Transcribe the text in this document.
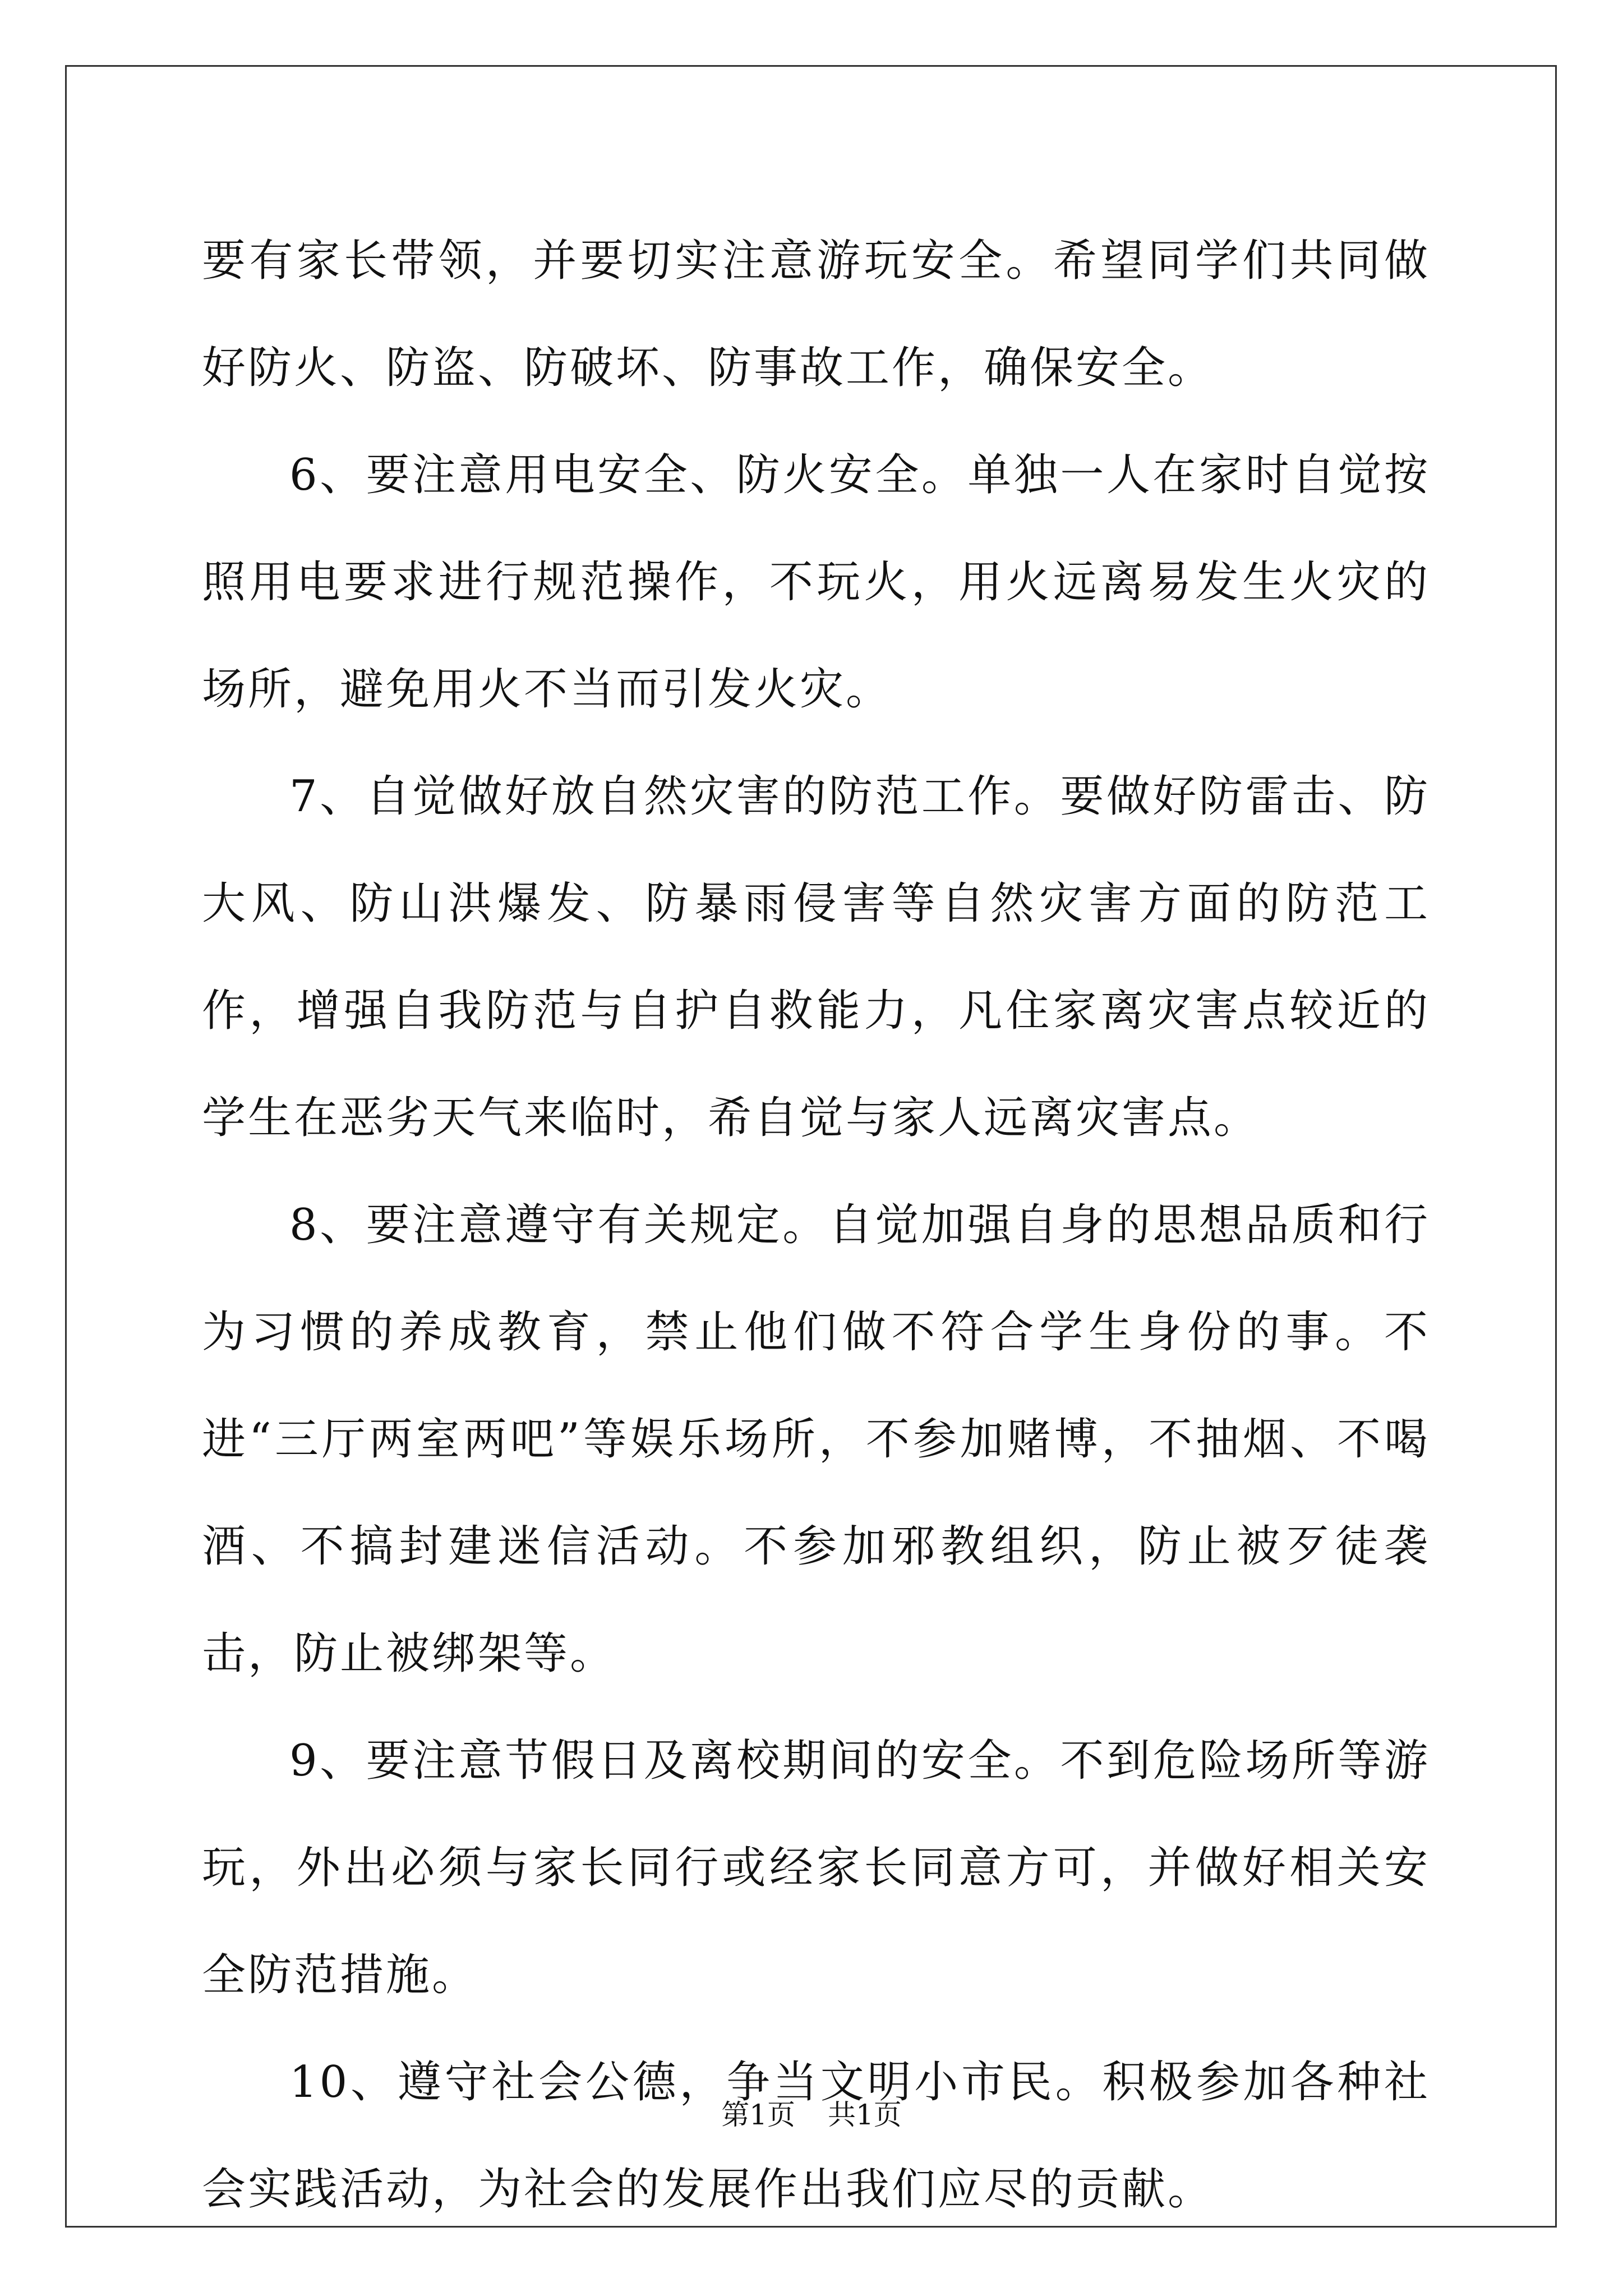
要有家长带领，并要切实注意游玩安全。希望同学们共同做好防火、防盗、防破坏、防事故工作，确保安全。

6、要注意用电安全、防火安全。单独一人在家时自觉按照用电要求进行规范操作，不玩火，用火远离易发生火灾的场所，避免用火不当而引发火灾。

7、自觉做好放自然灾害的防范工作。要做好防雷击、防大风、防山洪爆发、防暴雨侵害等自然灾害方面的防范工作，增强自我防范与自护自救能力，凡住家离灾害点较近的学生在恶劣天气来临时，希自觉与家人远离灾害点。

8、要注意遵守有关规定。自觉加强自身的思想品质和行为习惯的养成教育，禁止他们做不符合学生身份的事。不进“三厅两室两吧”等娱乐场所，不参加赌博，不抽烟、不喝酒、不搞封建迷信活动。不参加邪教组织，防止被歹徒袭击，防止被绑架等。

9、要注意节假日及离校期间的安全。不到危险场所等游玩，外出必须与家长同行或经家长同意方可，并做好相关安全防范措施。

10、遵守社会公德，争当文明小市民。积极参加各种社会实践活动，为社会的发展作出我们应尽的贡献。

第1页 共1页
